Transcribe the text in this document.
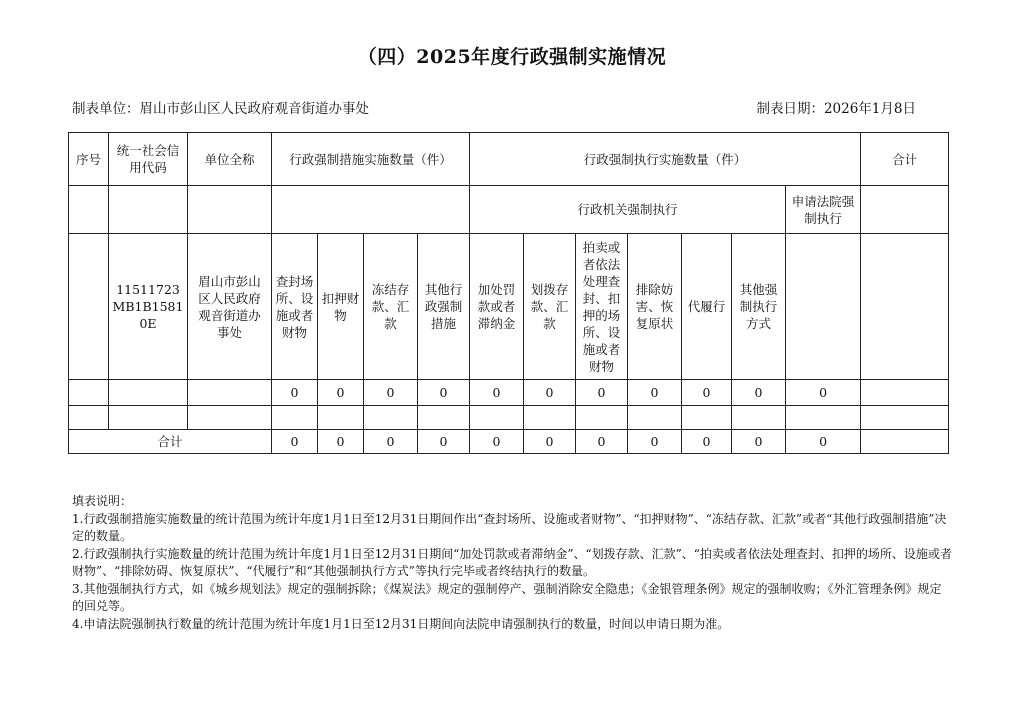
（四）2025年度行政强制实施情况
制表单位：眉山市彭山区人民政府观音街道办事处	制表日期：2026年1月8日
序号	统一社会信用代码	单位全称	行政强制措施实施数量（件）				行政强制执行实施数量（件）							合计
							行政机关强制执行						申请法院强制执行	
	11511723MB1B15810E	眉山市彭山区人民政府观音街道办事处	查封场所、设施或者财物	扣押财物	冻结存款、汇款	其他行政强制措施	加处罚款或者滞纳金	划拨存款、汇款	拍卖或者依法处理查封、扣押的场所、设施或者财物	排除妨害、恢复原状	代履行	其他强制执行方式		
			0	0	0	0	0	0	0	0	0	0	0	

合计			0	0	0	0	0	0	0	0	0	0	0	
填表说明：
1.行政强制措施实施数量的统计范围为统计年度1月1日至12月31日期间作出“查封场所、设施或者财物”、“扣押财物”、“冻结存款、汇款”或者“其他行政强制措施”决定的数量。
2.行政强制执行实施数量的统计范围为统计年度1月1日至12月31日期间“加处罚款或者滞纳金”、“划拨存款、汇款”、“拍卖或者依法处理查封、扣押的场所、设施或者财物”、“排除妨碍、恢复原状”、“代履行”和“其他强制执行方式”等执行完毕或者终结执行的数量。
3.其他强制执行方式，如《城乡规划法》规定的强制拆除；《煤炭法》规定的强制停产、强制消除安全隐患；《金银管理条例》规定的强制收购；《外汇管理条例》规定的回兑等。
4.申请法院强制执行数量的统计范围为统计年度1月1日至12月31日期间向法院申请强制执行的数量，时间以申请日期为准。
